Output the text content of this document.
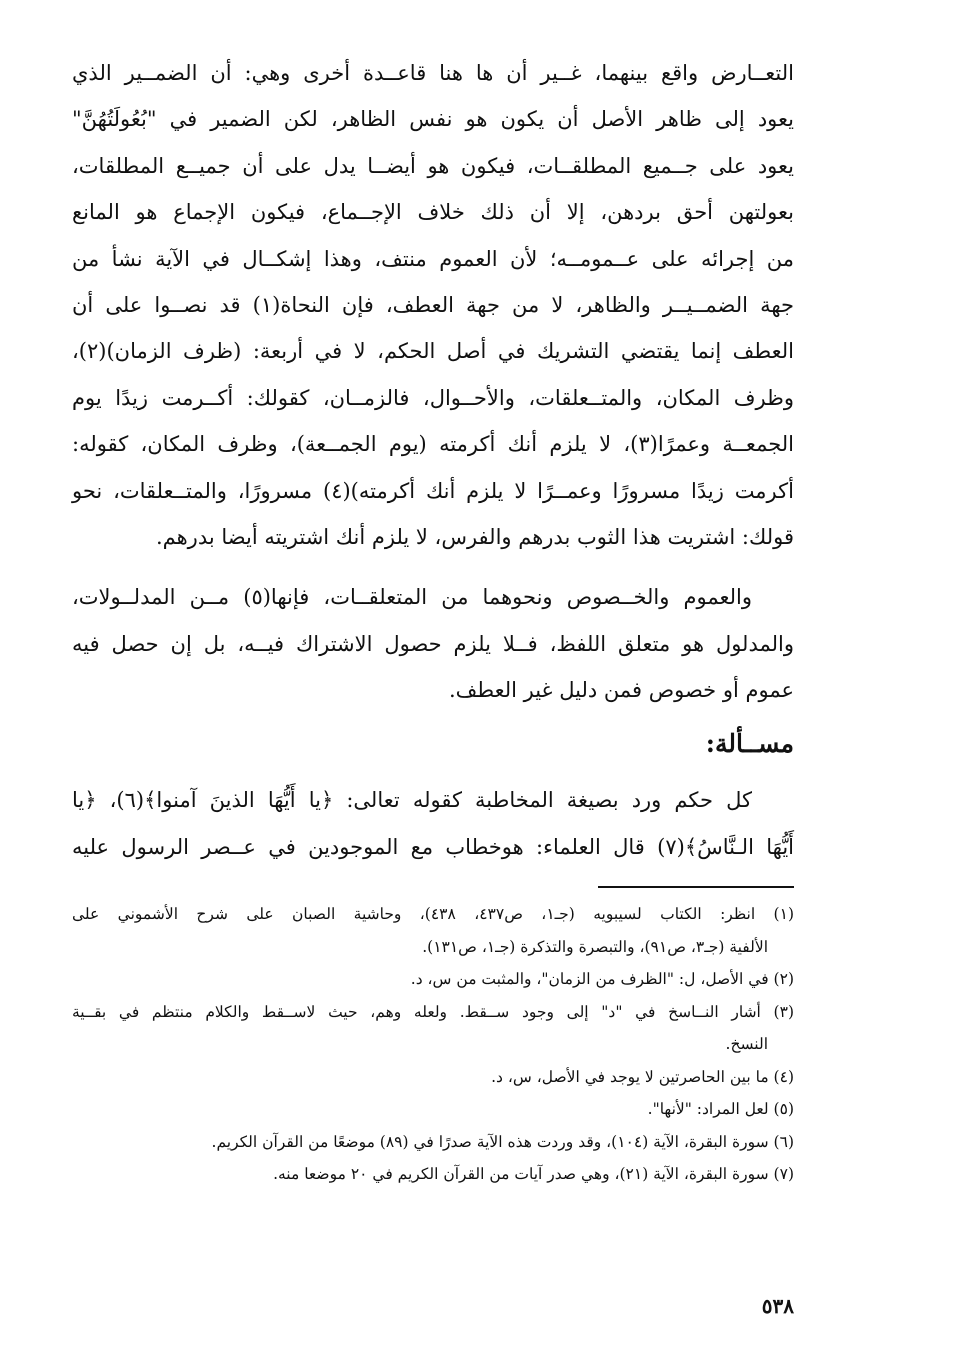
التعــارض واقع بينهما، غــير أن ها هنا قاعــدة أخرى وهي: أن الضمــير الذي
يعود إلى ظاهر الأصل أن يكون هو نفس الظاهر، لكن الضمير في "بُعُولَتُهُنَّ"
يعود على جــميع المطلقــات، فيكون هو أيضــا يدل على أن جميــع المطلقات،
بعولتهن أحق بردهن، إلا أن ذلك خلاف الإجــماع، فيكون الإجماع هو المانع
من إجرائه على عــمومــه؛ لأن العموم منتف، وهذا إشكــال في الآية نشأ من
جهة الضمــيــر والظاهر، لا من جهة العطف، فإن النحاة(١) قد نصــوا على أن
العطف إنما يقتضي التشريك في أصل الحكم، لا في أربعة: (ظرف الزمان)(٢)،
وظرف المكان، والمتــعلقات، والأحــوال، فالزمــان، كقولك: أكــرمت زيدًا يوم
الجمعــة وعمرًا(٣)، لا يلزم أنك أكرمته (يوم الجمــعة)، وظرف المكان، كقوله:
أكرمت زيدًا مسرورًا وعمــرًا لا يلزم أنك أكرمته)(٤) مسرورًا، والمتــعلقات، نحو
قولك: اشتريت هذا الثوب بدرهم والفرس، لا يلزم أنك اشتريته أيضا بدرهم.
والعموم والخــصوص ونحوهما من المتعلقــات، فإنها(٥) مــن المدلــولات،
والمدلول هو متعلق اللفظ، فــلا يلزم حصول الاشتراك فيــه، بل إن حصل فيه
عموم أو خصوص فمن دليل غير العطف.
مســألة:
كل حكم ورد بصيغة المخاطبة كقوله تعالى: ﴿يا أَيُّهَا الذينَ آمنوا﴾(٦)، ﴿يا
أَيُّهَا الـنَّاسُ﴾(٧) قال العلماء: هوخطاب مع الموجودين في عــصر الرسول عليه
(١) انظر: الكتاب لسيبويه (جـ١، ص٤٣٧، ٤٣٨)، وحاشية الصبان على شرح الأشموني على
الألفية (جـ٣، ص٩١)، والتبصرة والتذكرة (جـ١، ص١٣١).
(٢) في الأصل، ل: "الظرف من الزمان"، والمثبت من س، د.
(٣) أشار النــاسخ في "د" إلى وجود ســقط. ولعله وهم، حيث لاســقط والكلام منتظم في بقــية
النسخ.
(٤) ما بين الحاصرتين لا يوجد في الأصل، س، د.
(٥) لعل المراد: "لأنها".
(٦) سورة البقرة، الآية (١٠٤)، وقد وردت هذه الآية صدرًا في (٨٩) موضعًا من القرآن الكريم.
(٧) سورة البقرة، الآية (٢١)، وهي صدر آيات من القرآن الكريم في ٢٠ موضعا منه.
٥٣٨
